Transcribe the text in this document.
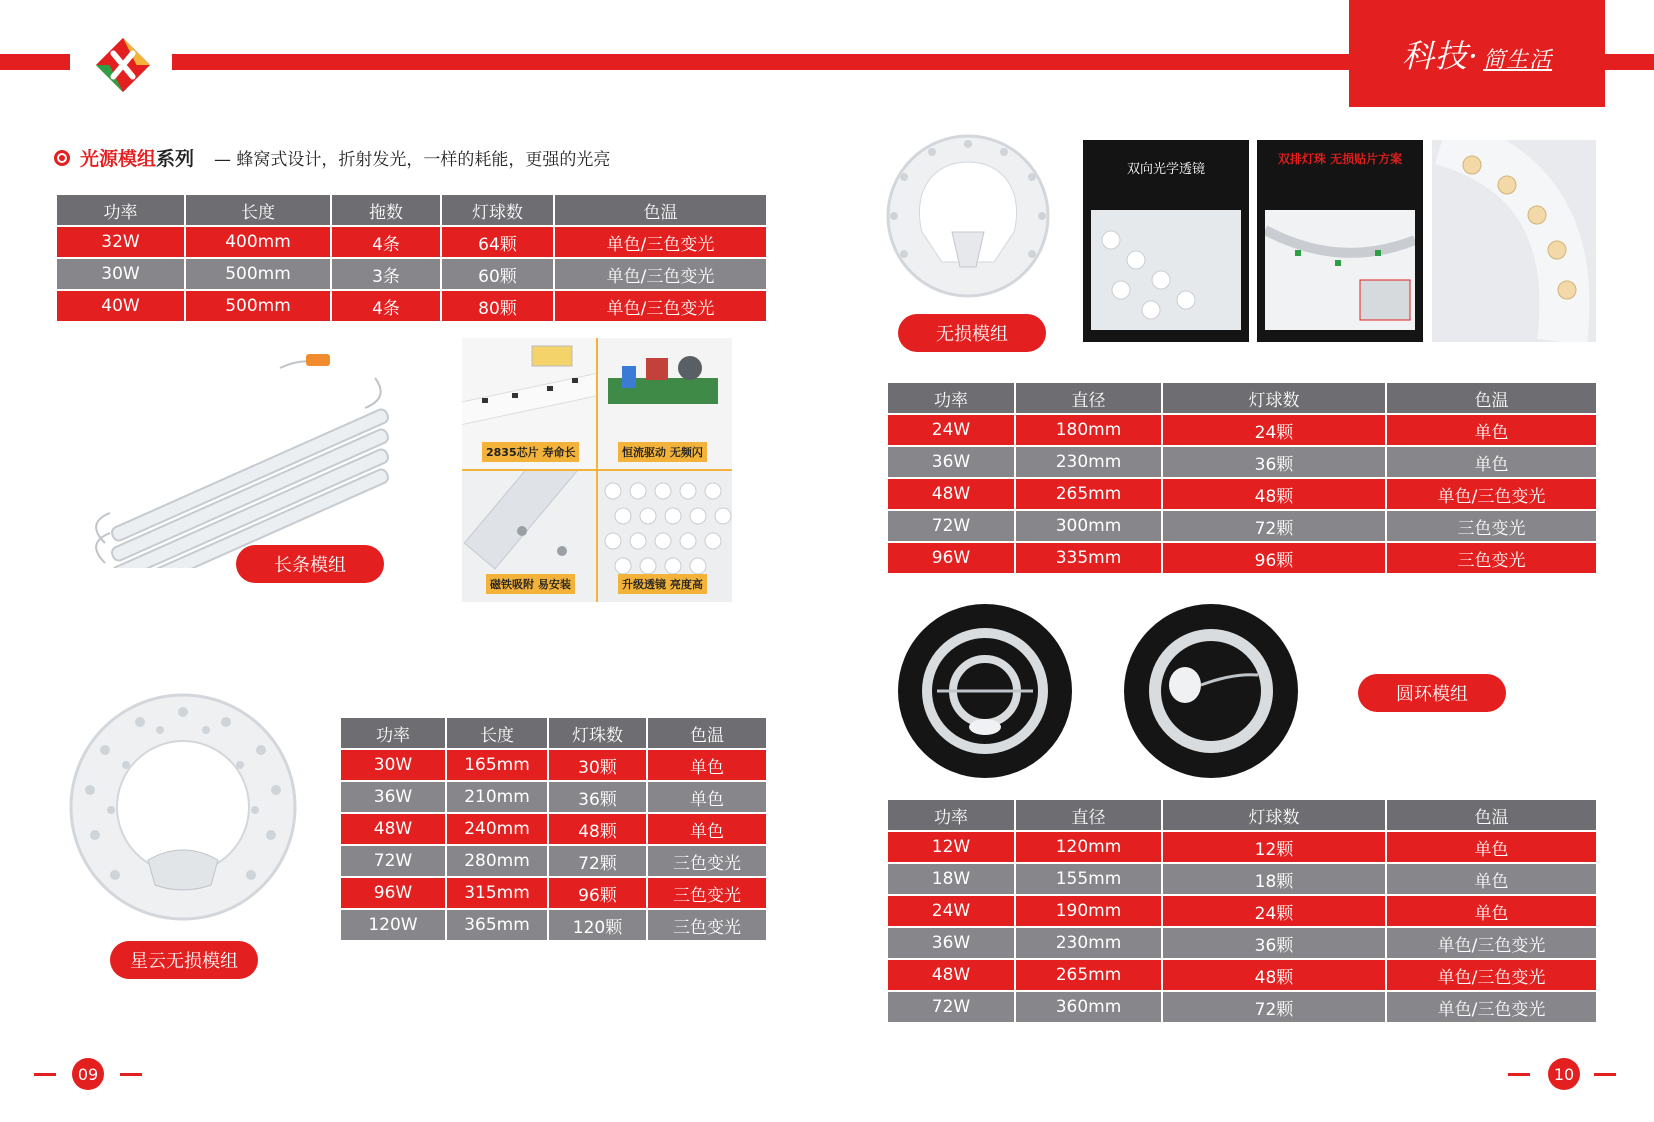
科技· 简生活
光源模组 系列 — 蜂窝式设计，折射发光，一样的耗能，更强的光亮
功率	长度	拖数	灯球数	色温
32W	400mm	4条	64颗	单色/三色变光
30W	500mm	3条	60颗	单色/三色变光
40W	500mm	4条	80颗	单色/三色变光
长条模组
2835芯片 寿命长	恒流驱动 无频闪
磁铁吸附 易安装	升级透镜 亮度高
星云无损模组
功率	长度	灯珠数	色温
30W	165mm	30颗	单色
36W	210mm	36颗	单色
48W	240mm	48颗	单色
72W	280mm	72颗	三色变光
96W	315mm	96颗	三色变光
120W	365mm	120颗	三色变光
无损模组
双向光学透镜
双排灯珠 无损贴片方案
功率	直径	灯球数	色温
24W	180mm	24颗	单色
36W	230mm	36颗	单色
48W	265mm	48颗	单色/三色变光
72W	300mm	72颗	三色变光
96W	335mm	96颗	三色变光
圆环模组
功率	直径	灯球数	色温
12W	120mm	12颗	单色
18W	155mm	18颗	单色
24W	190mm	24颗	单色
36W	230mm	36颗	单色/三色变光
48W	265mm	48颗	单色/三色变光
72W	360mm	72颗	单色/三色变光
09	10
